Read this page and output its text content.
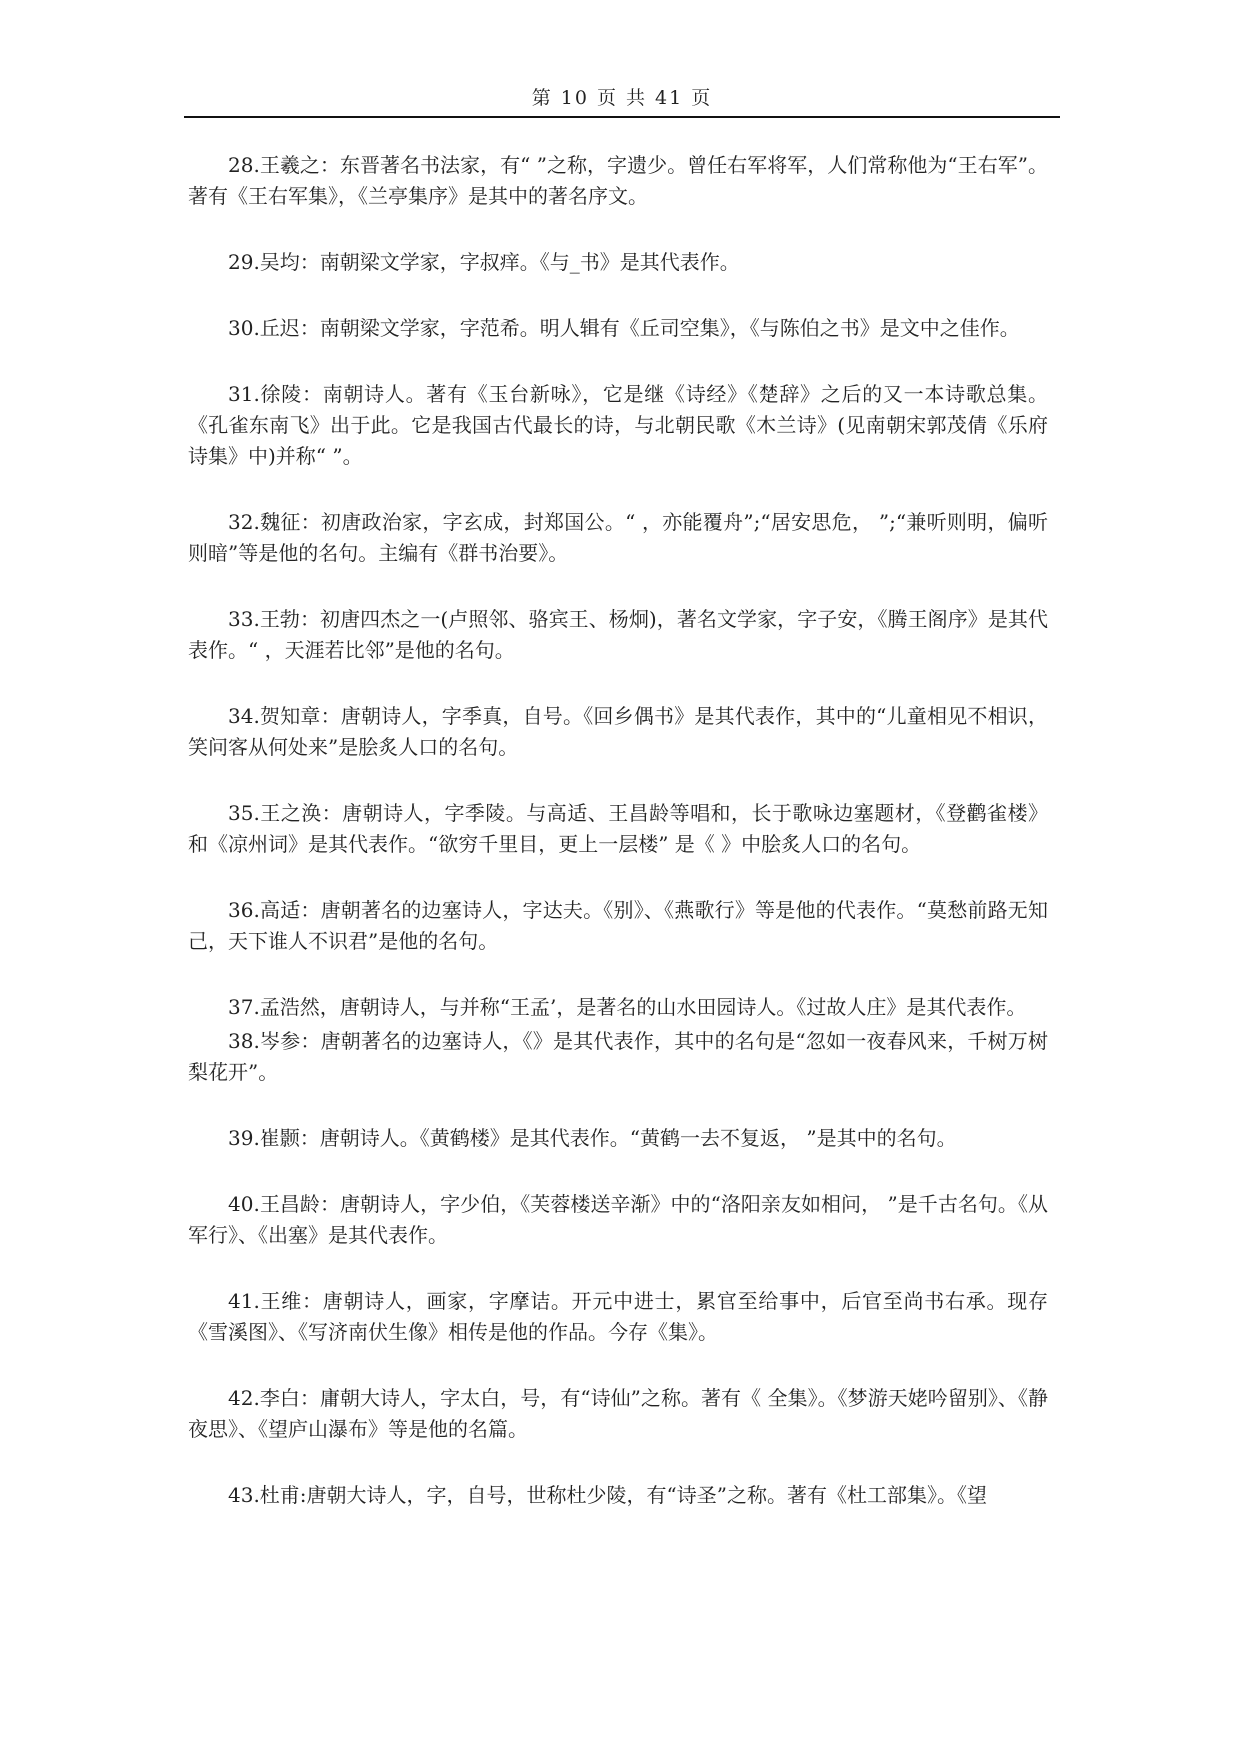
第 10 页 共 41 页

28.王羲之：东晋著名书法家，有“ ”之称，字遗少。曾任右军将军，人们常称他为“王右军”。著有《王右军集》，《兰亭集序》是其中的著名序文。

29.吴均：南朝梁文学家，字叔痒。《与_书》是其代表作。

30.丘迟：南朝梁文学家，字范希。明人辑有《丘司空集》，《与陈伯之书》是文中之佳作。

31.徐陵：南朝诗人。著有《玉台新咏》，它是继《诗经》《楚辞》之后的又一本诗歌总集。《孔雀东南飞》出于此。它是我国古代最长的诗，与北朝民歌《木兰诗》(见南朝宋郭茂倩《乐府诗集》中)并称“ ”。

32.魏征：初唐政治家，字玄成，封郑国公。“ ，亦能覆舟”;“居安思危， ”;“兼听则明，偏听则暗”等是他的名句。主编有《群书治要》。

33.王勃：初唐四杰之一(卢照邻、骆宾王、杨炯)，著名文学家，字子安，《腾王阁序》是其代表作。“ ，天涯若比邻”是他的名句。

34.贺知章：唐朝诗人，字季真，自号。《回乡偶书》是其代表作，其中的“儿童相见不相识，笑问客从何处来”是脍炙人口的名句。

35.王之涣：唐朝诗人，字季陵。与高适、王昌龄等唱和，长于歌咏边塞题材，《登鹳雀楼》和《凉州词》是其代表作。“欲穷千里目，更上一层楼” 是《 》中脍炙人口的名句。

36.高适：唐朝著名的边塞诗人，字达夫。《别》、《燕歌行》等是他的代表作。“莫愁前路无知己，天下谁人不识君”是他的名句。

37.孟浩然，唐朝诗人，与并称“王孟’，是著名的山水田园诗人。《过故人庄》是其代表作。

38.岑参：唐朝著名的边塞诗人，《》是其代表作，其中的名句是“忽如一夜春风来，千树万树梨花开”。

39.崔颢：唐朝诗人。《黄鹤楼》是其代表作。“黄鹤一去不复返， ”是其中的名句。

40.王昌龄：唐朝诗人，字少伯，《芙蓉楼送辛渐》中的“洛阳亲友如相问， ”是千古名句。《从军行》、《出塞》是其代表作。

41.王维：唐朝诗人，画家，字摩诘。开元中进士，累官至给事中，后官至尚书右承。现存《雪溪图》、《写济南伏生像》相传是他的作品。今存《集》。

42.李白：庸朝大诗人，字太白，号，有“诗仙”之称。著有《 全集》。《梦游天姥吟留别》、《静夜思》、《望庐山瀑布》等是他的名篇。

43.杜甫:唐朝大诗人，字，自号，世称杜少陵，有“诗圣”之称。著有《杜工部集》。《望
